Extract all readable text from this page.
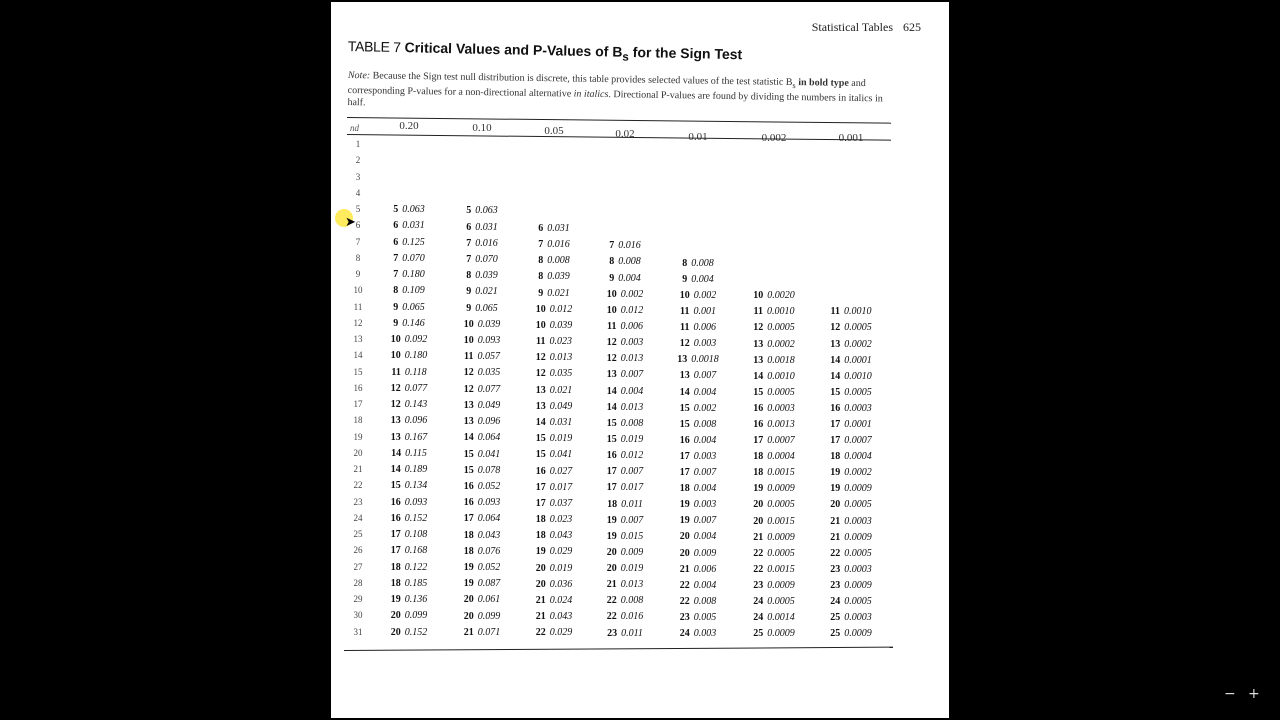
Statistical Tables 625
TABLE 7 Critical Values and P-Values of $B_s$ for the Sign Test
Note: Because the Sign test null distribution is discrete, this table provides selected values of the test statistic $B_s$ in bold type and corresponding P-values for a non-directional alternative in italics. Directional P-values are found by dividing the numbers in italics in half.
nd	0.20	0.10	0.05	0.02	0.01	0.002	0.001
1
2
3
4
5	5 0.063	5 0.063
6	6 0.031	6 0.031	6 0.031
7	6 0.125	7 0.016	7 0.016	7 0.016
8	7 0.070	7 0.070	8 0.008	8 0.008	8 0.008
9	7 0.180	8 0.039	8 0.039	9 0.004	9 0.004
10	8 0.109	9 0.021	9 0.021	10 0.002	10 0.002	10 0.0020
11	9 0.065	9 0.065	10 0.012	10 0.012	11 0.001	11 0.0010	11 0.0010
12	9 0.146	10 0.039	10 0.039	11 0.006	11 0.006	12 0.0005	12 0.0005
13	10 0.092	10 0.093	11 0.023	12 0.003	12 0.003	13 0.0002	13 0.0002
14	10 0.180	11 0.057	12 0.013	12 0.013	13 0.0018	13 0.0018	14 0.0001
15	11 0.118	12 0.035	12 0.035	13 0.007	13 0.007	14 0.0010	14 0.0010
16	12 0.077	12 0.077	13 0.021	14 0.004	14 0.004	15 0.0005	15 0.0005
17	12 0.143	13 0.049	13 0.049	14 0.013	15 0.002	16 0.0003	16 0.0003
18	13 0.096	13 0.096	14 0.031	15 0.008	15 0.008	16 0.0013	17 0.0001
19	13 0.167	14 0.064	15 0.019	15 0.019	16 0.004	17 0.0007	17 0.0007
20	14 0.115	15 0.041	15 0.041	16 0.012	17 0.003	18 0.0004	18 0.0004
21	14 0.189	15 0.078	16 0.027	17 0.007	17 0.007	18 0.0015	19 0.0002
22	15 0.134	16 0.052	17 0.017	17 0.017	18 0.004	19 0.0009	19 0.0009
23	16 0.093	16 0.093	17 0.037	18 0.011	19 0.003	20 0.0005	20 0.0005
24	16 0.152	17 0.064	18 0.023	19 0.007	19 0.007	20 0.0015	21 0.0003
25	17 0.108	18 0.043	18 0.043	19 0.015	20 0.004	21 0.0009	21 0.0009
26	17 0.168	18 0.076	19 0.029	20 0.009	20 0.009	22 0.0005	22 0.0005
27	18 0.122	19 0.052	20 0.019	20 0.019	21 0.006	22 0.0015	23 0.0003
28	18 0.185	19 0.087	20 0.036	21 0.013	22 0.004	23 0.0009	23 0.0009
29	19 0.136	20 0.061	21 0.024	22 0.008	22 0.008	24 0.0005	24 0.0005
30	20 0.099	20 0.099	21 0.043	22 0.016	23 0.005	24 0.0014	25 0.0003
31	20 0.152	21 0.071	22 0.029	23 0.011	24 0.003	25 0.0009	25 0.0009
➤
− +
